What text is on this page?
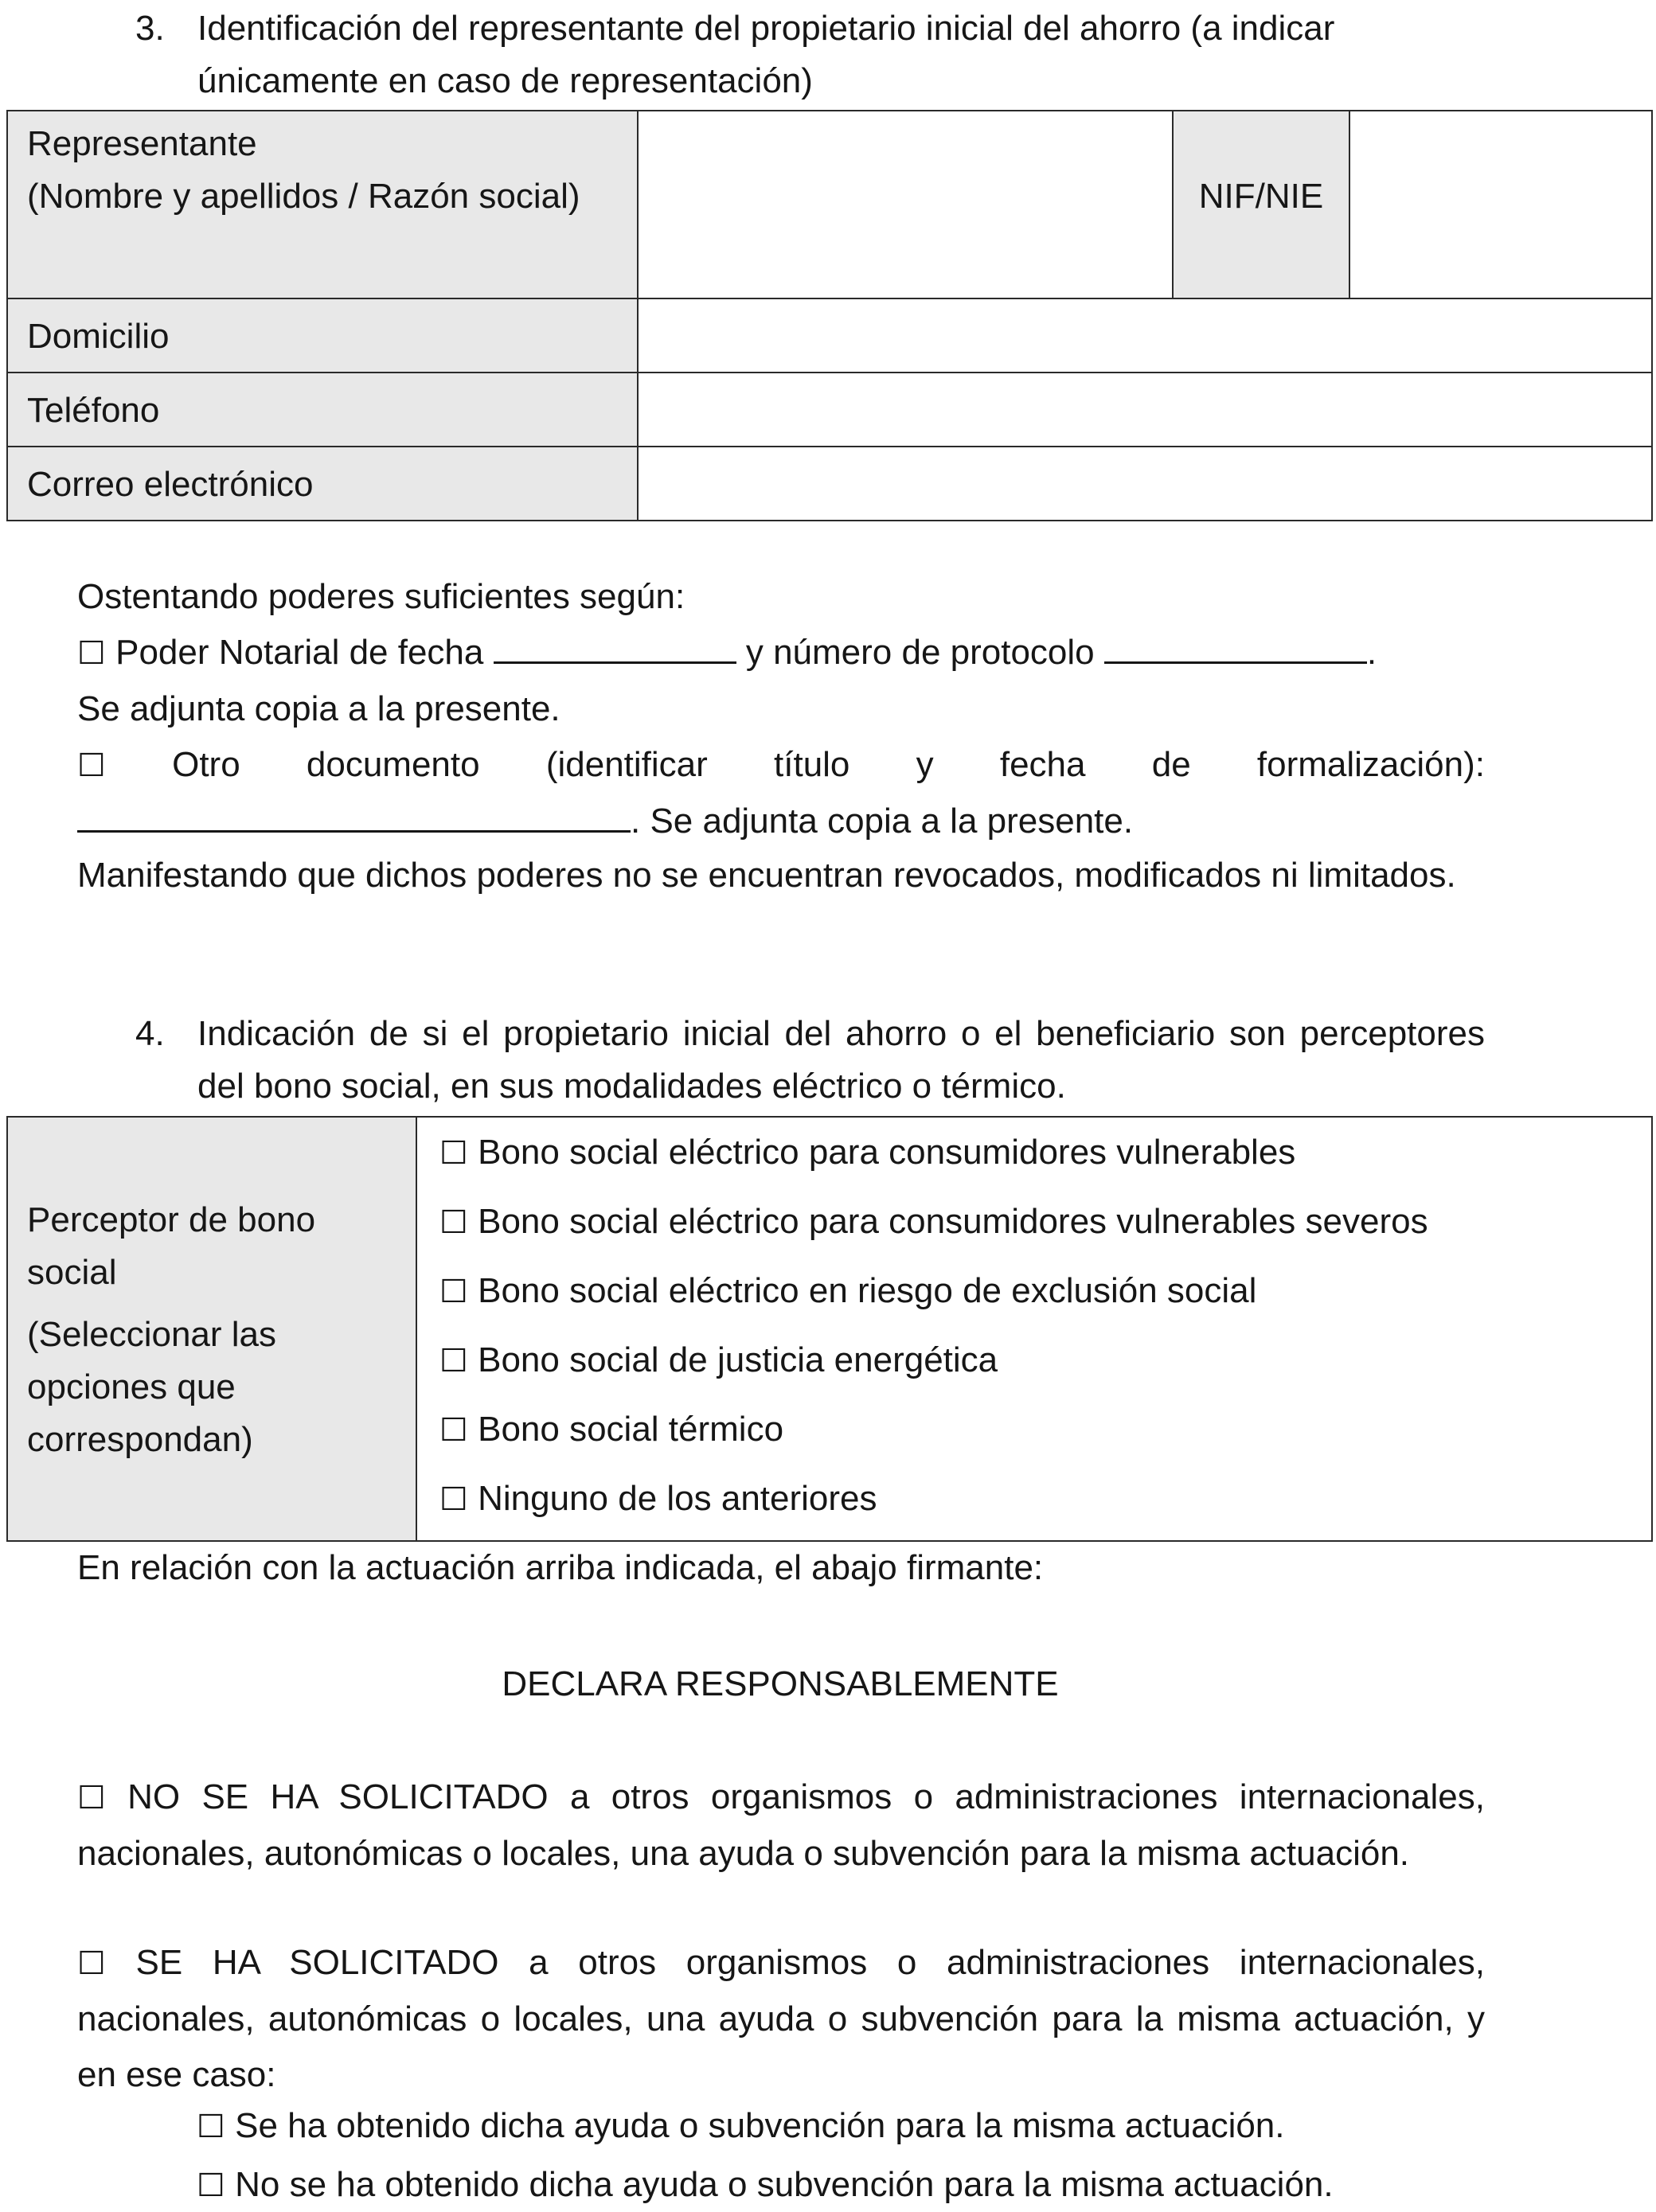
3. Identificación del representante del propietario inicial del ahorro (a indicar únicamente en caso de representación)
Representante
(Nombre y apellidos / Razón social)		NIF/NIE	

Domicilio			

Teléfono			

Correo electrónico			

Ostentando poderes suficientes según:
☐ Poder Notarial de fecha	y número de protocolo	.
Se adjunta copia a la presente.
☐ Otro documento (identificar título y fecha de formalización):
. Se adjunta copia a la presente.
Manifestando que dichos poderes no se encuentran revocados, modificados ni limitados.
4. Indicación de si el propietario inicial del ahorro o el beneficiario son perceptores del bono social, en sus modalidades eléctrico o térmico.
Perceptor de bono social
(Seleccionar las opciones que correspondan)

☐ Bono social eléctrico para consumidores vulnerables
☐ Bono social eléctrico para consumidores vulnerables severos
☐ Bono social eléctrico en riesgo de exclusión social
☐ Bono social de justicia energética
☐ Bono social térmico
☐ Ninguno de los anteriores
En relación con la actuación arriba indicada, el abajo firmante:
DECLARA RESPONSABLEMENTE
☐ NO SE HA SOLICITADO a otros organismos o administraciones internacionales, nacionales, autonómicas o locales, una ayuda o subvención para la misma actuación.
☐ SE HA SOLICITADO a otros organismos o administraciones internacionales, nacionales, autonómicas o locales, una ayuda o subvención para la misma actuación, y en ese caso:
☐ Se ha obtenido dicha ayuda o subvención para la misma actuación.
☐ No se ha obtenido dicha ayuda o subvención para la misma actuación.
